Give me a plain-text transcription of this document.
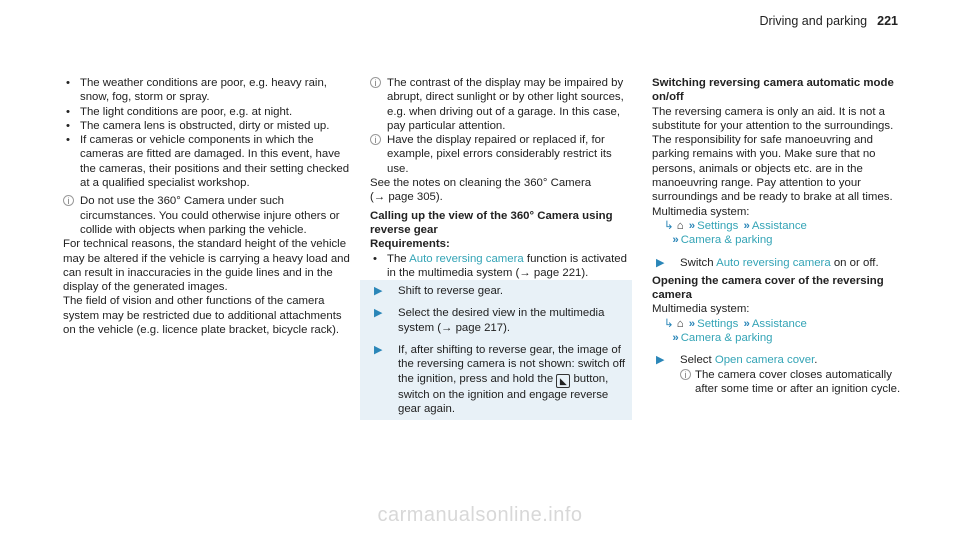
Driving and parking 221
• The weather conditions are poor, e.g. heavy rain, snow, fog, storm or spray.
• The light conditions are poor, e.g. at night.
• The camera lens is obstructed, dirty or misted up.
• If cameras or vehicle components in which the cameras are fitted are damaged. In this event, have the cameras, their positions and their setting checked at a qualified specialist workshop.
i Do not use the 360° Camera under such circumstances. You could otherwise injure others or collide with objects when parking the vehicle.

For technical reasons, the standard height of the vehicle may be altered if the vehicle is carrying a heavy load and can result in inaccuracies in the guide lines and in the display of the generated images.

The field of vision and other functions of the camera system may be restricted due to additional attachments on the vehicle (e.g. licence plate bracket, bicycle rack).

i The contrast of the display may be impaired by abrupt, direct sunlight or by other light sources, e.g. when driving out of a garage. In this case, pay particular attention.
i Have the display repaired or replaced if, for example, pixel errors considerably restrict its use.

See the notes on cleaning the 360° Camera
(→ page 305).

Calling up the view of the 360° Camera using reverse gear

Requirements:

• The Auto reversing camera function is activated in the multimedia system (→ page 221).
▶ Shift to reverse gear.
▶ Select the desired view in the multimedia system (→ page 217).
▶ If, after shifting to reverse gear, the image of the reversing camera is not shown: switch off the ignition, press and hold the ◣ button, switch on the ignition and engage reverse gear again.

Switching reversing camera automatic mode on/off

The reversing camera is only an aid. It is not a substitute for your attention to the surroundings. The responsibility for safe manoeuvring and parking remains with you. Make sure that no persons, animals or objects etc. are in the manoeuvring range. Pay attention to your surroundings and be ready to brake at all times.

Multimedia system:

↳ ⌂ » Settings » Assistance

» Camera & parking

▶ Switch Auto reversing camera on or off.

Opening the camera cover of the reversing camera

Multimedia system:

↳ ⌂ » Settings » Assistance

» Camera & parking

▶ Select Open camera cover.
i The camera cover closes automatically after some time or after an ignition cycle.
carmanualsonline.info
